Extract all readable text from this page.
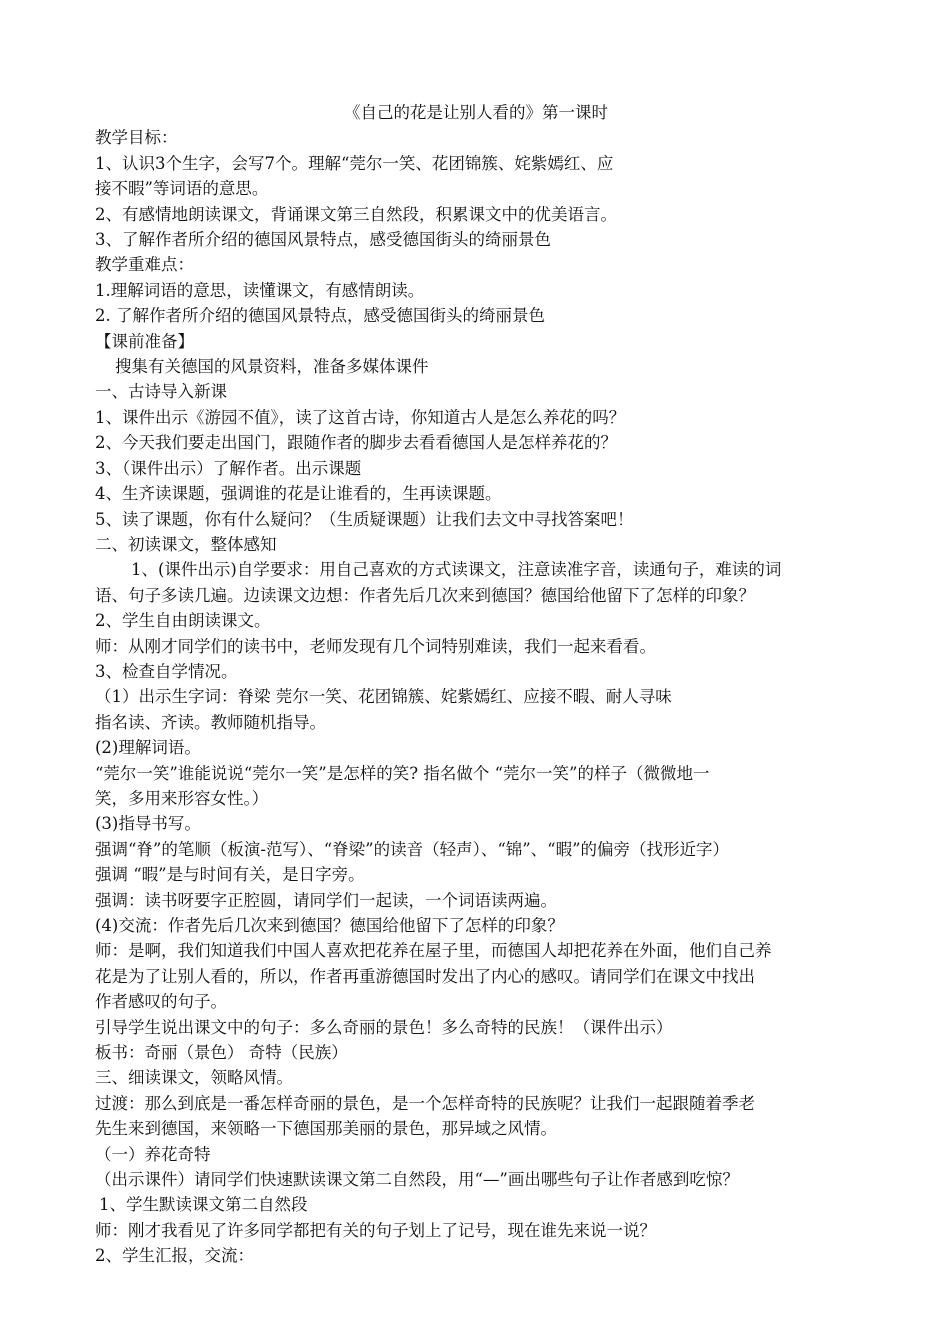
《自己的花是让别人看的》第一课时

教学目标：

1、认识3个生字，会写7个。理解“莞尔一笑、花团锦簇、姹紫嫣红、应

接不暇”等词语的意思。

2、有感情地朗读课文，背诵课文第三自然段，积累课文中的优美语言。

3、了解作者所介绍的德国风景特点，感受德国街头的绮丽景色

教学重难点：

1.理解词语的意思，读懂课文，有感情朗读。

2. 了解作者所介绍的德国风景特点，感受德国街头的绮丽景色

【课前准备】

搜集有关德国的风景资料，准备多媒体课件

一、古诗导入新课

1、课件出示《游园不值》，读了这首古诗，你知道古人是怎么养花的吗？

2、今天我们要走出国门，跟随作者的脚步去看看德国人是怎样养花的？

3、（课件出示）了解作者。出示课题

4、生齐读课题，强调谁的花是让谁看的，生再读课题。

5、读了课题，你有什么疑问？（生质疑课题）让我们去文中寻找答案吧！

二、初读课文，整体感知

1、(课件出示)自学要求：用自己喜欢的方式读课文，注意读准字音，读通句子，难读的词

语、句子多读几遍。边读课文边想：作者先后几次来到德国？德国给他留下了怎样的印象？

2、学生自由朗读课文。

师：从刚才同学们的读书中，老师发现有几个词特别难读，我们一起来看看。

3、检查自学情况。

（1）出示生字词：脊梁 莞尔一笑、花团锦簇、姹紫嫣红、应接不暇、耐人寻味

指名读、齐读。教师随机指导。

(2)理解词语。

“莞尔一笑”谁能说说“莞尔一笑”是怎样的笑? 指名做个 “莞尔一笑”的样子（微微地一

笑，多用来形容女性。）

(3)指导书写。

强调“脊”的笔顺（板演-范写）、“脊梁”的读音（轻声）、“锦”、“暇”的偏旁（找形近字）

强调 “暇”是与时间有关，是日字旁。

强调：读书呀要字正腔圆，请同学们一起读，一个词语读两遍。

(4)交流：作者先后几次来到德国？德国给他留下了怎样的印象？

师：是啊，我们知道我们中国人喜欢把花养在屋子里，而德国人却把花养在外面，他们自己养

花是为了让别人看的，所以，作者再重游德国时发出了内心的感叹。请同学们在课文中找出

作者感叹的句子。

引导学生说出课文中的句子：多么奇丽的景色！多么奇特的民族！（课件出示）

板书：奇丽（景色） 奇特（民族）

三、细读课文，领略风情。

过渡：那么到底是一番怎样奇丽的景色，是一个怎样奇特的民族呢？让我们一起跟随着季老

先生来到德国，来领略一下德国那美丽的景色，那异域之风情。

（一）养花奇特

（出示课件）请同学们快速默读课文第二自然段，用“—”画出哪些句子让作者感到吃惊？

1、学生默读课文第二自然段

师：刚才我看见了许多同学都把有关的句子划上了记号，现在谁先来说一说？

2、学生汇报，交流：
